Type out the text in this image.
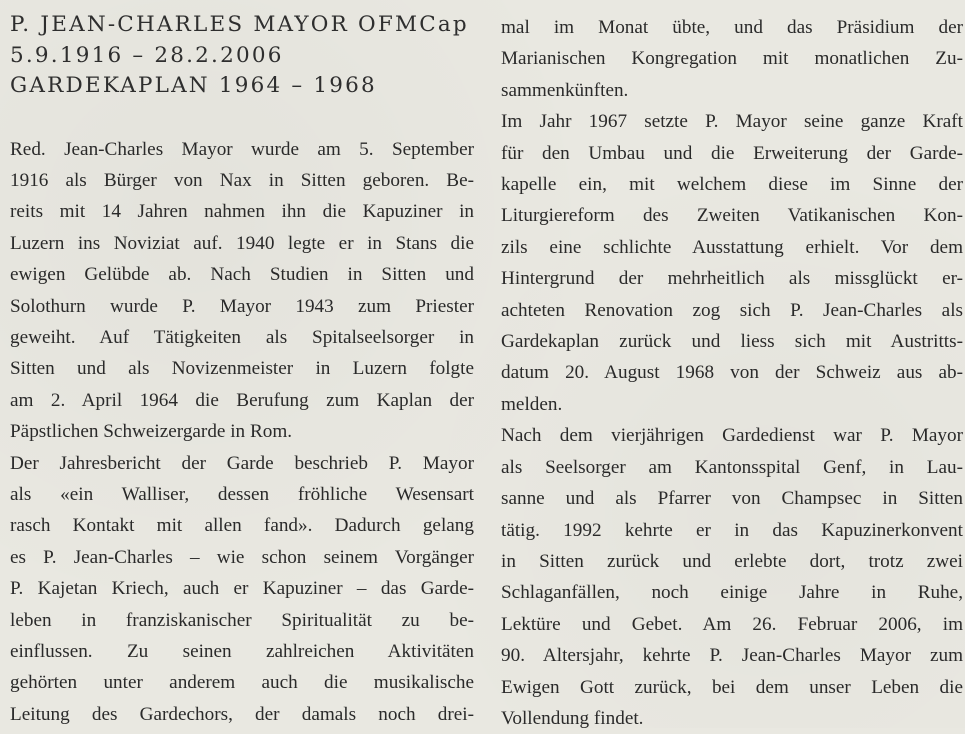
P. JEAN-CHARLES MAYOR OFMCap
5.9.1916 – 28.2.2006
GARDEKAPLAN 1964 – 1968
Red. Jean-Charles Mayor wurde am 5. September
1916 als Bürger von Nax in Sitten geboren. Be-
reits mit 14 Jahren nahmen ihn die Kapuziner in
Luzern ins Noviziat auf. 1940 legte er in Stans die
ewigen Gelübde ab. Nach Studien in Sitten und
Solothurn wurde P. Mayor 1943 zum Priester
geweiht. Auf Tätigkeiten als Spitalseelsorger in
Sitten und als Novizenmeister in Luzern folgte
am 2. April 1964 die Berufung zum Kaplan der
Päpstlichen Schweizergarde in Rom.
Der Jahresbericht der Garde beschrieb P. Mayor
als «ein Walliser, dessen fröhliche Wesensart
rasch Kontakt mit allen fand». Dadurch gelang
es P. Jean-Charles – wie schon seinem Vorgänger
P. Kajetan Kriech, auch er Kapuziner – das Garde-
leben in franziskanischer Spiritualität zu be-
einflussen. Zu seinen zahlreichen Aktivitäten
gehörten unter anderem auch die musikalische
Leitung des Gardechors, der damals noch drei-
mal im Monat übte, und das Präsidium der
Marianischen Kongregation mit monatlichen Zu-
sammenkünften.
Im Jahr 1967 setzte P. Mayor seine ganze Kraft
für den Umbau und die Erweiterung der Garde-
kapelle ein, mit welchem diese im Sinne der
Liturgiereform des Zweiten Vatikanischen Kon-
zils eine schlichte Ausstattung erhielt. Vor dem
Hintergrund der mehrheitlich als missglückt er-
achteten Renovation zog sich P. Jean-Charles als
Gardekaplan zurück und liess sich mit Austritts-
datum 20. August 1968 von der Schweiz aus ab-
melden.
Nach dem vierjährigen Gardedienst war P. Mayor
als Seelsorger am Kantonsspital Genf, in Lau-
sanne und als Pfarrer von Champsec in Sitten
tätig. 1992 kehrte er in das Kapuzinerkonvent
in Sitten zurück und erlebte dort, trotz zwei
Schlaganfällen, noch einige Jahre in Ruhe,
Lektüre und Gebet. Am 26. Februar 2006, im
90. Altersjahr, kehrte P. Jean-Charles Mayor zum
Ewigen Gott zurück, bei dem unser Leben die
Vollendung findet.
